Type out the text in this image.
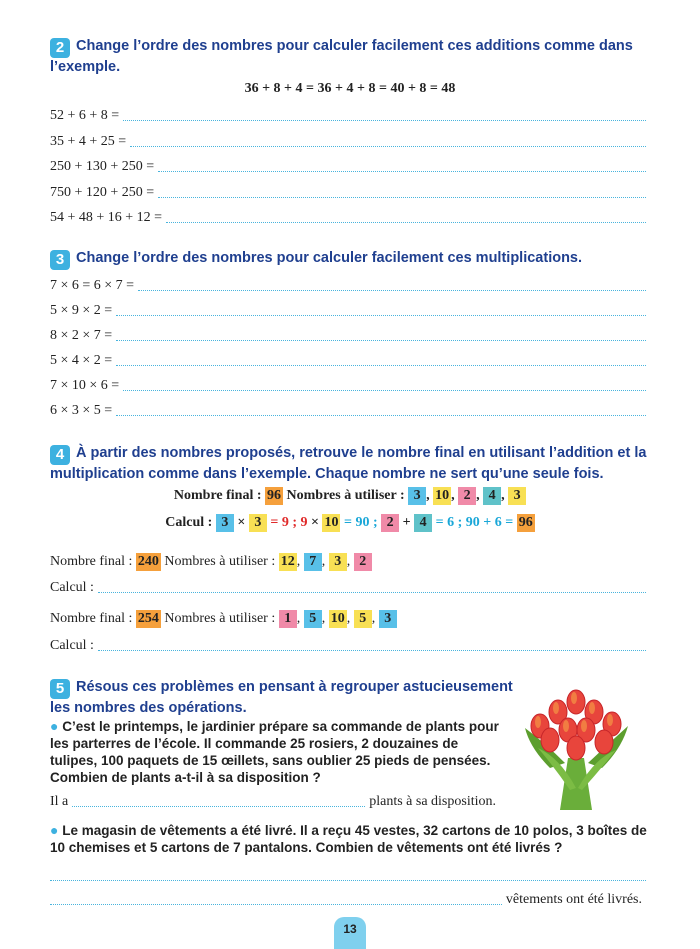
2 Change l’ordre des nombres pour calculer facilement ces additions comme dans l’exemple.
36 + 8 + 4 = 36 + 4 + 8 = 40 + 8 = 48
52 + 6 + 8 =
35 + 4 + 25 =
250 + 130 + 250 =
750 + 120 + 250 =
54 + 48 + 16 + 12 =
3 Change l’ordre des nombres pour calculer facilement ces multiplications.
7 × 6 = 6 × 7 =
5 × 9 × 2 =
8 × 2 × 7 =
5 × 4 × 2 =
7 × 10 × 6 =
6 × 3 × 5 =
4 À partir des nombres proposés, retrouve le nombre final en utilisant l’addition et la multiplication comme dans l’exemple. Chaque nombre ne sert qu’une seule fois.
Nombre final : 96 Nombres à utiliser : 3 , 10 , 2 , 4 , 3
Calcul : 3 × 3 = 9 ; 9 × 10 = 90 ; 2 + 4 = 6 ; 90 + 6 = 96
Nombre final : 240 Nombres à utiliser : 12 , 7 , 3 , 2
Calcul :
Nombre final : 254 Nombres à utiliser : 1 , 5 , 10 , 5 , 3
Calcul :
5 Résous ces problèmes en pensant à regrouper astucieusement les nombres des opérations.
● C’est le printemps, le jardinier prépare sa commande de plants pour les parterres de l’école. Il commande 25 rosiers, 2 douzaines de tulipes, 100 paquets de 15 œillets, sans oublier 25 pieds de pensées. Combien de plants a-t-il à sa disposition ?
Il a	plants à sa disposition.
● Le magasin de vêtements a été livré. Il a reçu 45 vestes, 32 cartons de 10 polos, 3 boîtes de 10 chemises et 5 cartons de 7 pantalons. Combien de vêtements ont été livrés ?
vêtements ont été livrés.
13
